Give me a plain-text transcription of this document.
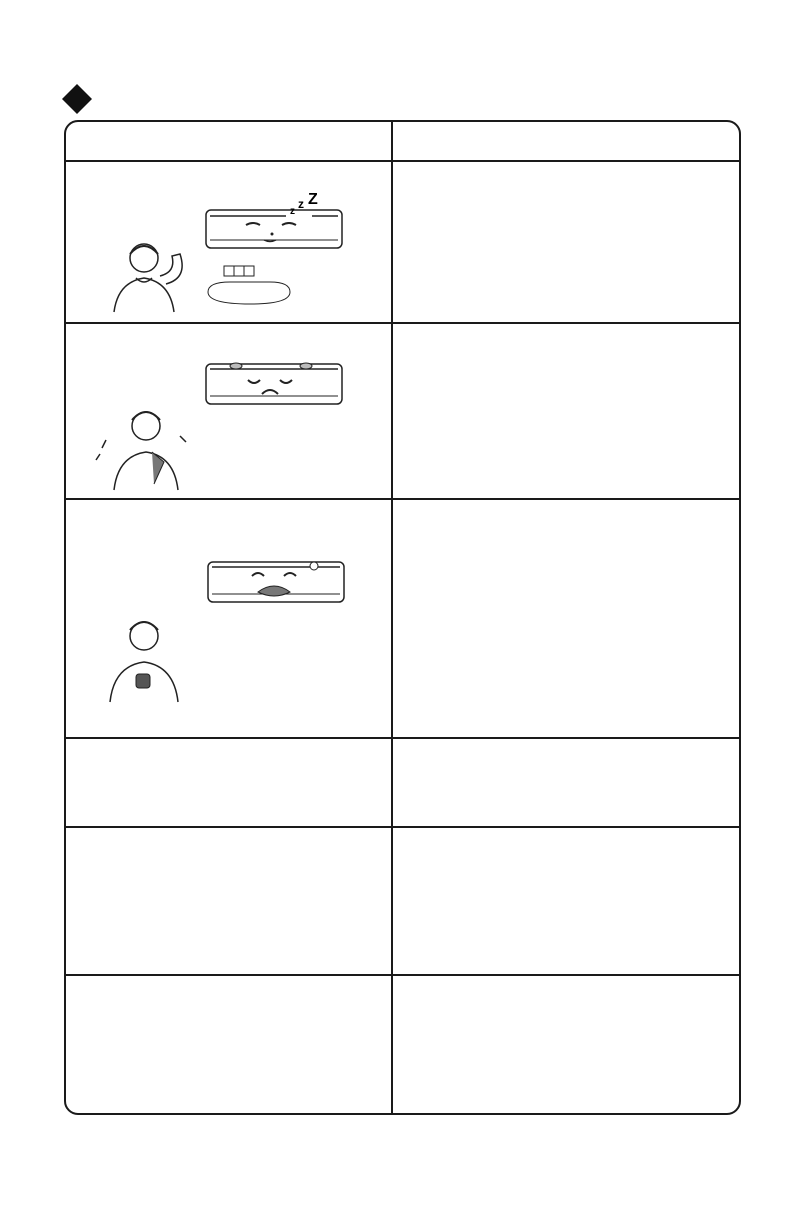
z
z Z
